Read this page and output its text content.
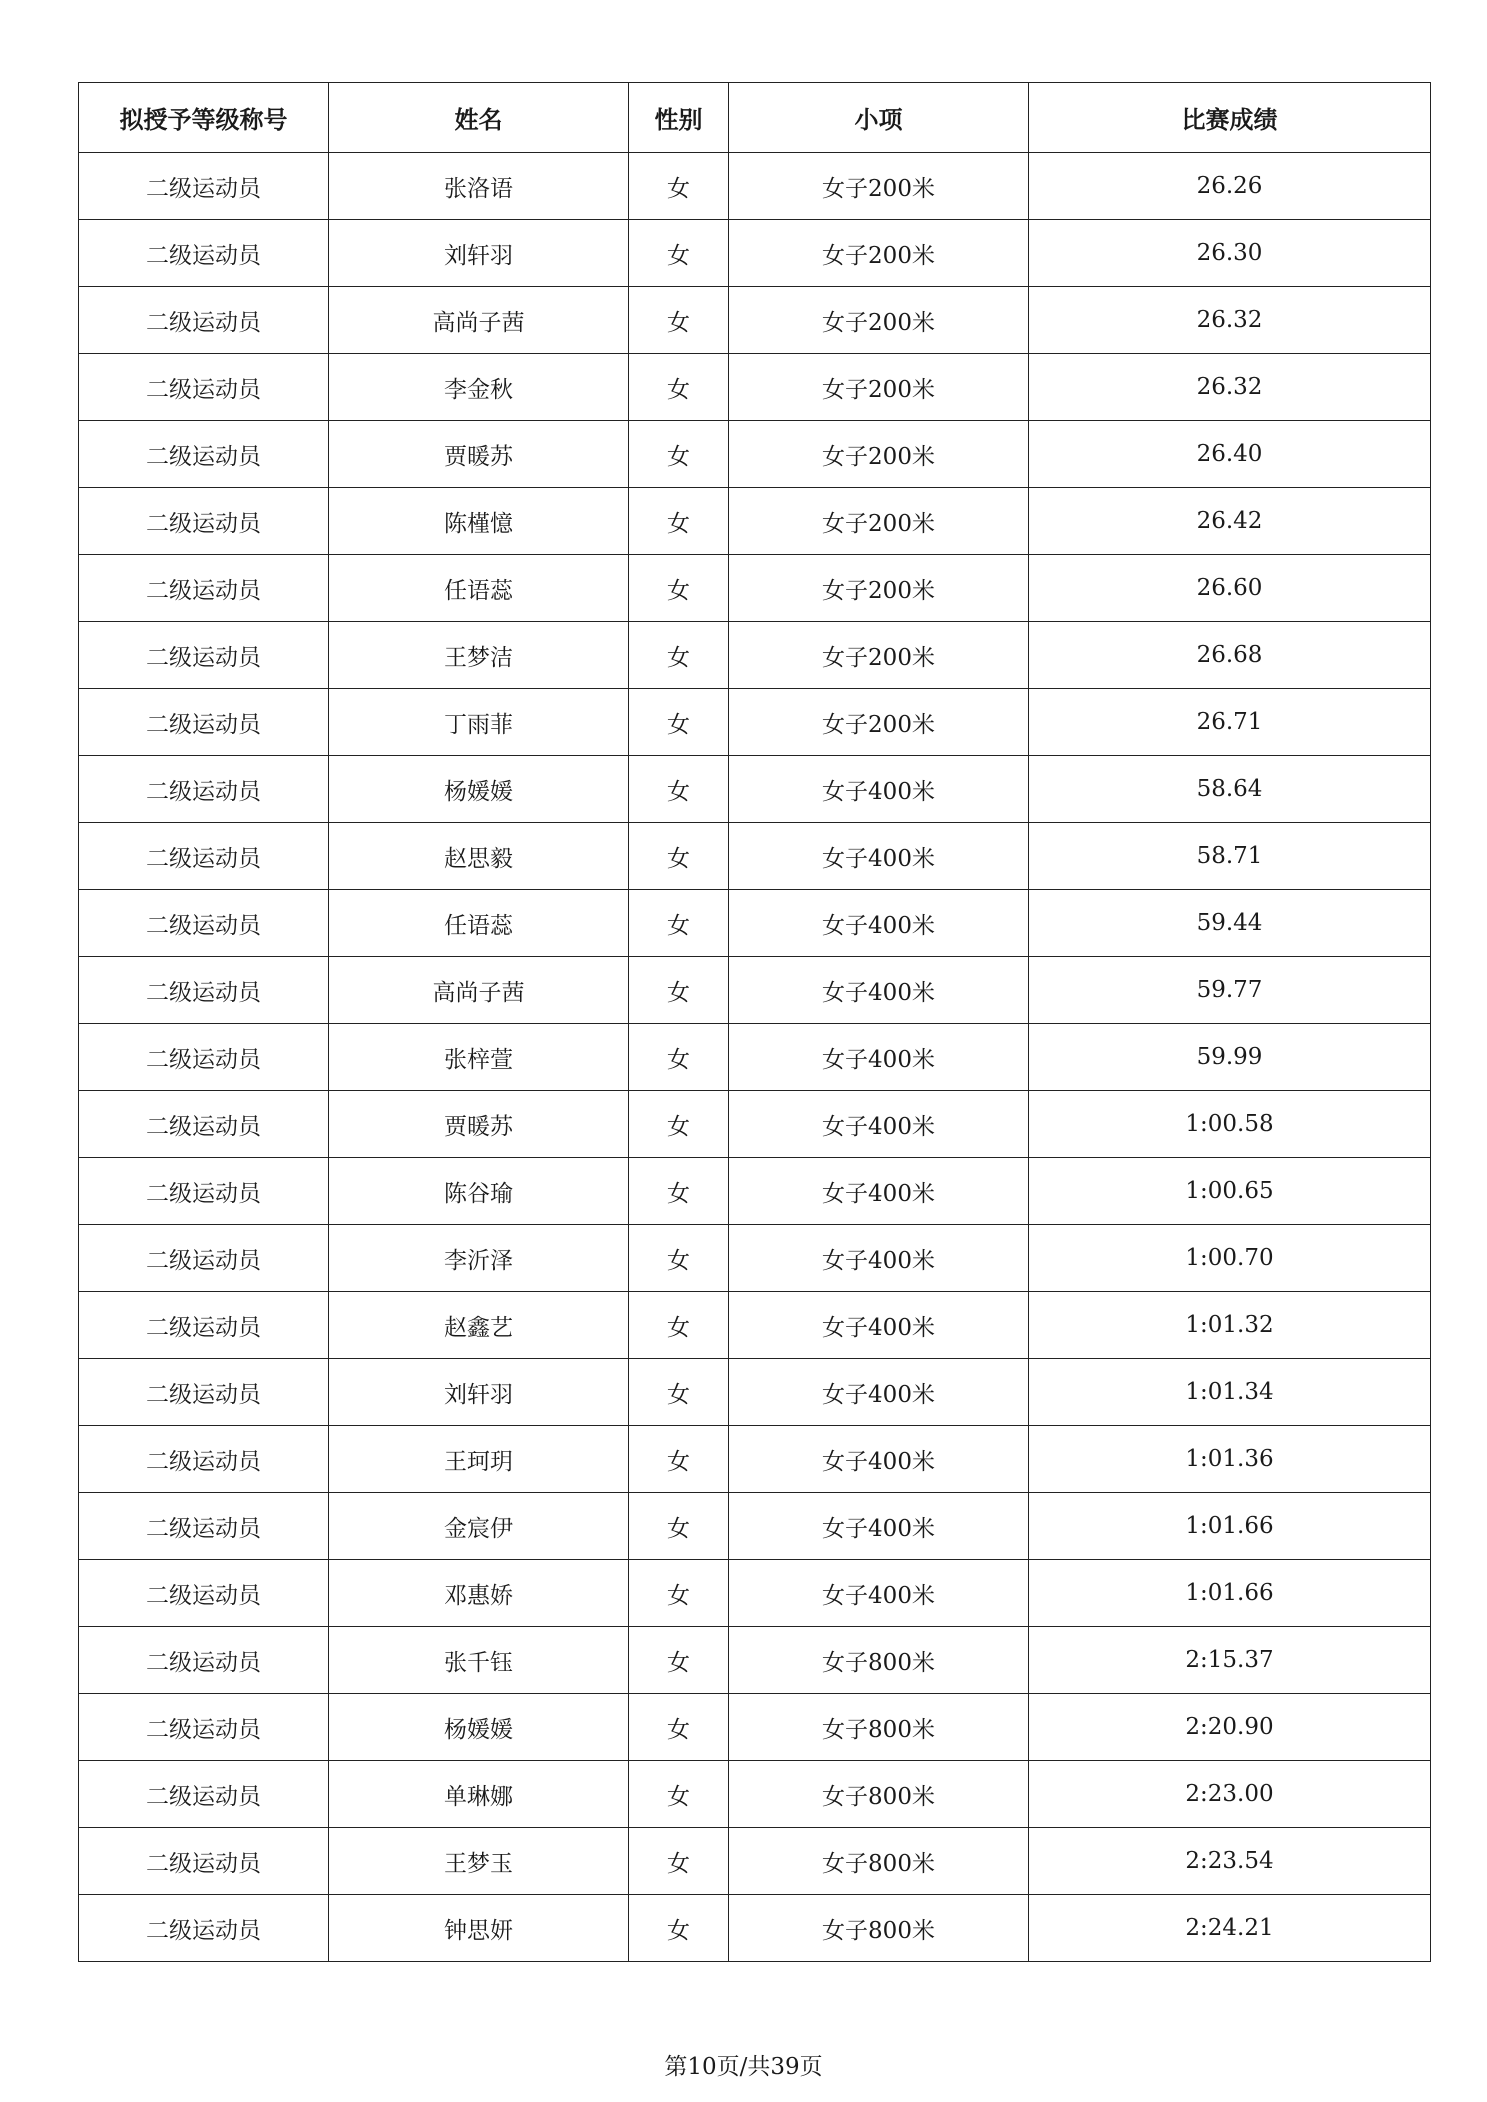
拟授予等级称号	姓名	性别	小项	比赛成绩
二级运动员	张洛语	女	女子200米	26.26
二级运动员	刘轩羽	女	女子200米	26.30
二级运动员	高尚子茜	女	女子200米	26.32
二级运动员	李金秋	女	女子200米	26.32
二级运动员	贾暖苏	女	女子200米	26.40
二级运动员	陈槿憶	女	女子200米	26.42
二级运动员	任语蕊	女	女子200米	26.60
二级运动员	王梦洁	女	女子200米	26.68
二级运动员	丁雨菲	女	女子200米	26.71
二级运动员	杨媛媛	女	女子400米	58.64
二级运动员	赵思毅	女	女子400米	58.71
二级运动员	任语蕊	女	女子400米	59.44
二级运动员	高尚子茜	女	女子400米	59.77
二级运动员	张梓萱	女	女子400米	59.99
二级运动员	贾暖苏	女	女子400米	1:00.58
二级运动员	陈谷瑜	女	女子400米	1:00.65
二级运动员	李沂泽	女	女子400米	1:00.70
二级运动员	赵鑫艺	女	女子400米	1:01.32
二级运动员	刘轩羽	女	女子400米	1:01.34
二级运动员	王珂玥	女	女子400米	1:01.36
二级运动员	金宸伊	女	女子400米	1:01.66
二级运动员	邓惠娇	女	女子400米	1:01.66
二级运动员	张千钰	女	女子800米	2:15.37
二级运动员	杨媛媛	女	女子800米	2:20.90
二级运动员	单琳娜	女	女子800米	2:23.00
二级运动员	王梦玉	女	女子800米	2:23.54
二级运动员	钟思妍	女	女子800米	2:24.21
第10页/共39页
